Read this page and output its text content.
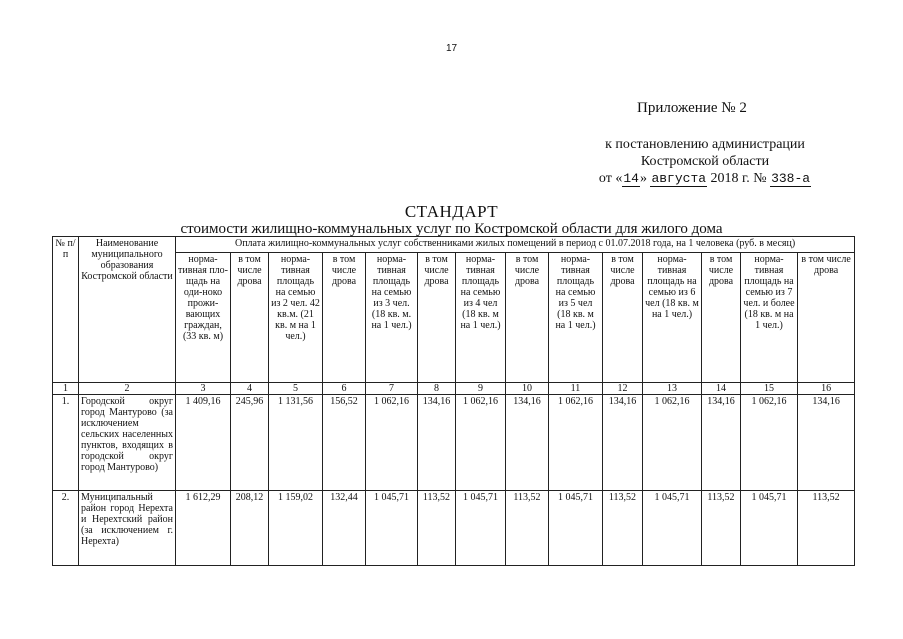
17
Приложение № 2
к постановлению администрации
Костромской области
от «14» августа 2018 г. № 338-а
СТАНДАРТ
стоимости жилищно-коммунальных услуг по Костромской области для жилого дома
№ п/п	Наименование муниципального образования Костромской области	Оплата жилищно-коммунальных услуг собственниками жилых помещений в период с 01.07.2018 года, на 1 человека (руб. в месяц)													
		норма-тивная пло-щадь на оди-ноко прожи-вающих граждан, (33 кв. м)	в том числе дрова	норма-тивная площадь на семью из 2 чел. 42 кв.м. (21 кв. м на 1 чел.)	в том числе дрова	норма-тивная площадь на семью из 3 чел. (18 кв. м. на 1 чел.)	в том числе дрова	норма-тивная площадь на семью из 4 чел (18 кв. м на 1 чел.)	в том числе дрова	норма-тивная площадь на семью из 5 чел (18 кв. м на 1 чел.)	в том числе дрова	норма-тивная площадь на семью из 6 чел (18 кв. м на 1 чел.)	в том числе дрова	норма-тивная площадь на семью из 7 чел. и более (18 кв. м на 1 чел.)	в том числе дрова
1	2	3	4	5	6	7	8	9	10	11	12	13	14	15	16
1.	Городской округ город Мантурово (за исключением сельских населенных пунктов, входящих в городской округ город Мантурово)	1 409,16	245,96	1 131,56	156,52	1 062,16	134,16	1 062,16	134,16	1 062,16	134,16	1 062,16	134,16	1 062,16	134,16
2.	Муниципальный район город Нерехта и Нерехтский район (за исключением г. Нерехта)	1 612,29	208,12	1 159,02	132,44	1 045,71	113,52	1 045,71	113,52	1 045,71	113,52	1 045,71	113,52	1 045,71	113,52
